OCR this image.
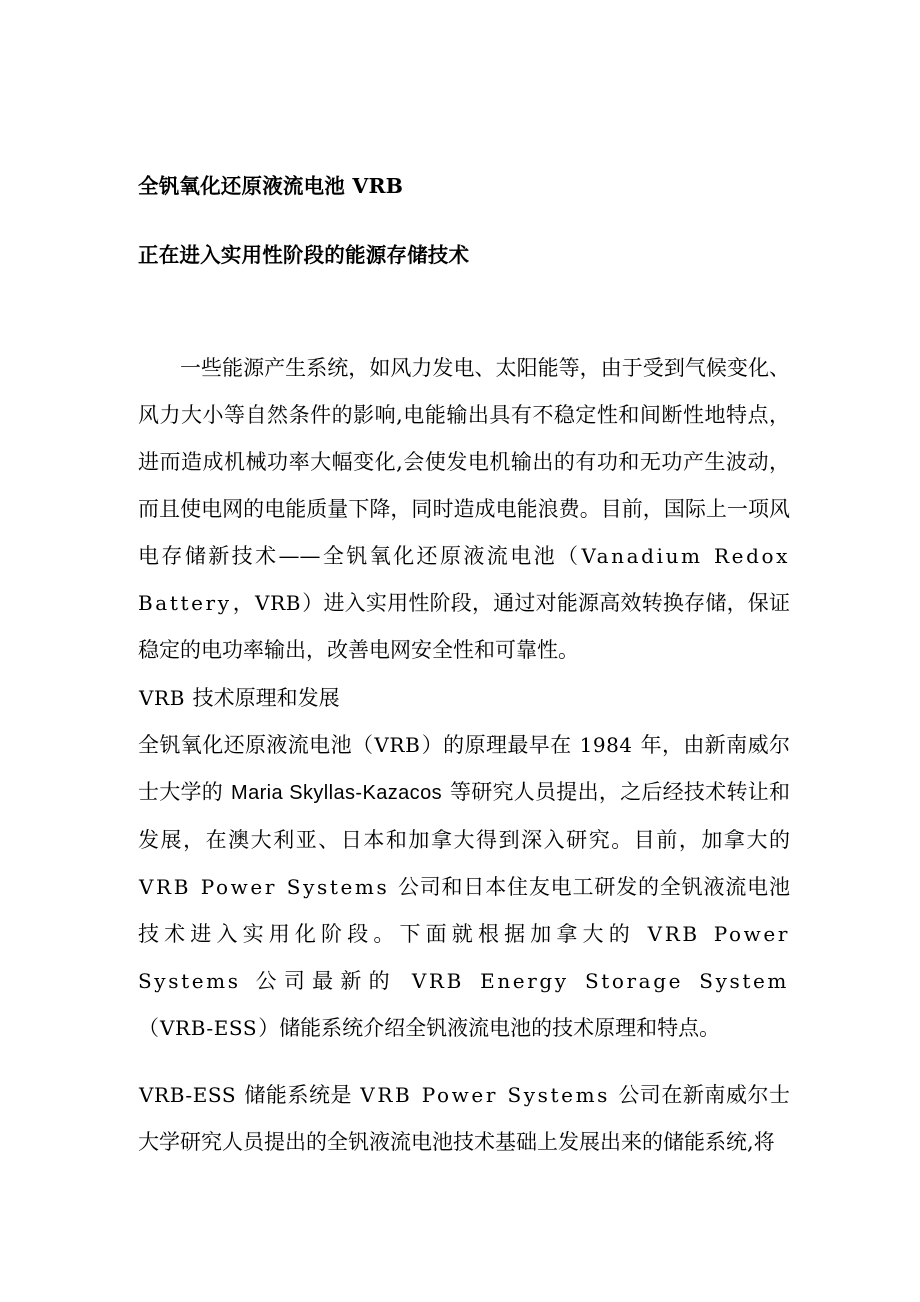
全钒氧化还原液流电池 VRB
正在进入实用性阶段的能源存储技术

一些能源产生系统，如风力发电、太阳能等，由于受到气候变化、风力大小等自然条件的影响,电能输出具有不稳定性和间断性地特点，进而造成机械功率大幅变化,会使发电机输出的有功和无功产生波动，而且使电网的电能质量下降，同时造成电能浪费。目前，国际上一项风电存储新技术——全钒氧化还原液流电池（Vanadium Redox Battery，VRB）进入实用性阶段，通过对能源高效转换存储，保证稳定的电功率输出，改善电网安全性和可靠性。

VRB 技术原理和发展

全钒氧化还原液流电池（VRB）的原理最早在 1984 年，由新南威尔士大学的 Maria Skyllas-Kazacos 等研究人员提出，之后经技术转让和发展，在澳大利亚、日本和加拿大得到深入研究。目前，加拿大的 VRB Power Systems 公司和日本住友电工研发的全钒液流电池技术进入实用化阶段。下面就根据加拿大的 VRB Power Systems 公司最新的 VRB Energy Storage System（VRB-ESS）储能系统介绍全钒液流电池的技术原理和特点。

VRB-ESS 储能系统是 VRB Power Systems 公司在新南威尔士大学研究人员提出的全钒液流电池技术基础上发展出来的储能系统,将
